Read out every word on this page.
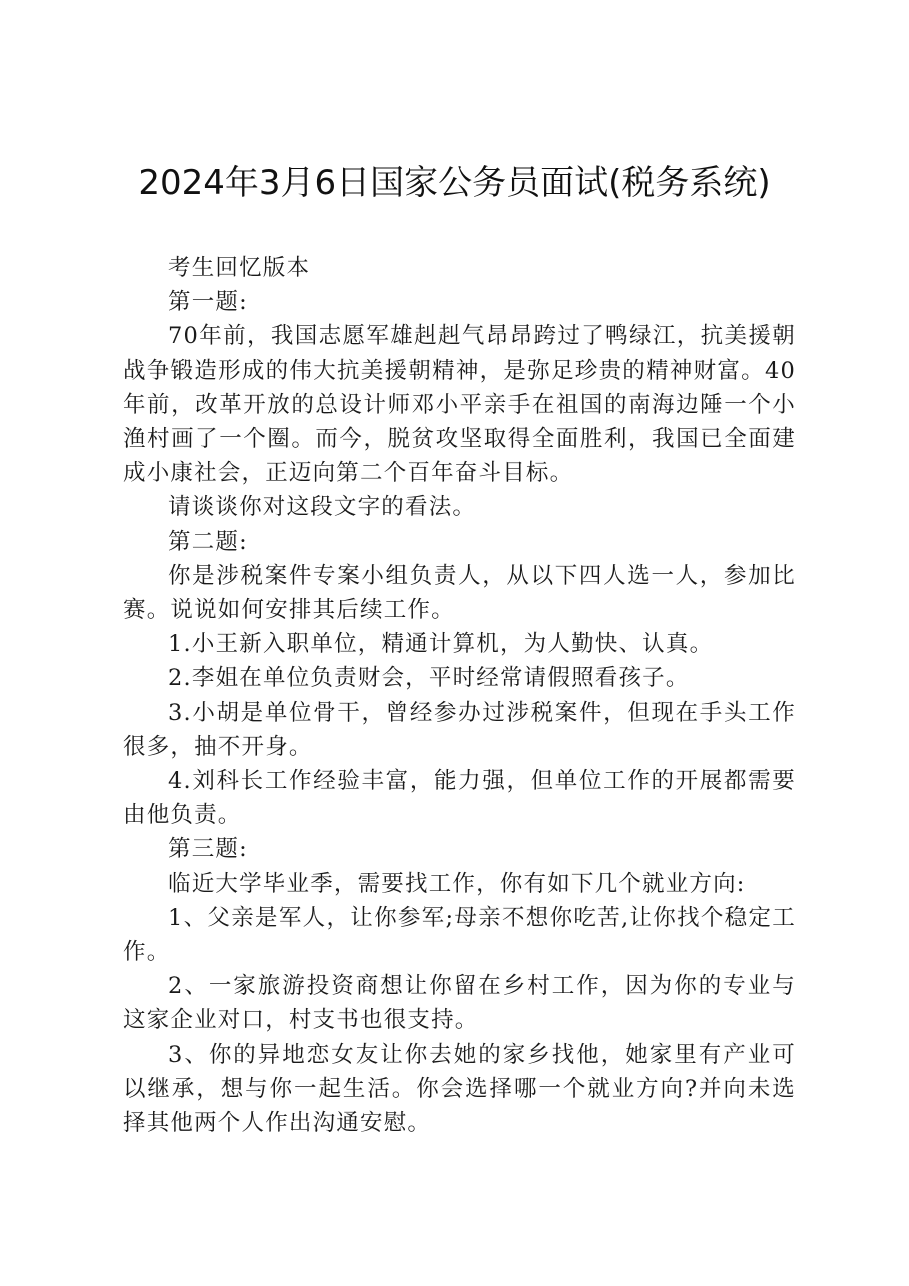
2024年3月6日国家公务员面试(税务系统)

考生回忆版本

第一题:

70年前，我国志愿军雄赳赳气昂昂跨过了鸭绿江，抗美援朝战争锻造形成的伟大抗美援朝精神，是弥足珍贵的精神财富。40年前，改革开放的总设计师邓小平亲手在祖国的南海边陲一个小渔村画了一个圈。而今，脱贫攻坚取得全面胜利，我国已全面建成小康社会，正迈向第二个百年奋斗目标。

请谈谈你对这段文字的看法。

第二题:

你是涉税案件专案小组负责人，从以下四人选一人，参加比赛。说说如何安排其后续工作。

1.小王新入职单位，精通计算机，为人勤快、认真。

2.李姐在单位负责财会，平时经常请假照看孩子。

3.小胡是单位骨干，曾经参办过涉税案件，但现在手头工作很多，抽不开身。

4.刘科长工作经验丰富，能力强，但单位工作的开展都需要由他负责。

第三题:

临近大学毕业季，需要找工作，你有如下几个就业方向:

1、父亲是军人，让你参军;母亲不想你吃苦,让你找个稳定工作。

2、一家旅游投资商想让你留在乡村工作，因为你的专业与这家企业对口，村支书也很支持。

3、你的异地恋女友让你去她的家乡找他，她家里有产业可以继承，想与你一起生活。你会选择哪一个就业方向?并向未选择其他两个人作出沟通安慰。
